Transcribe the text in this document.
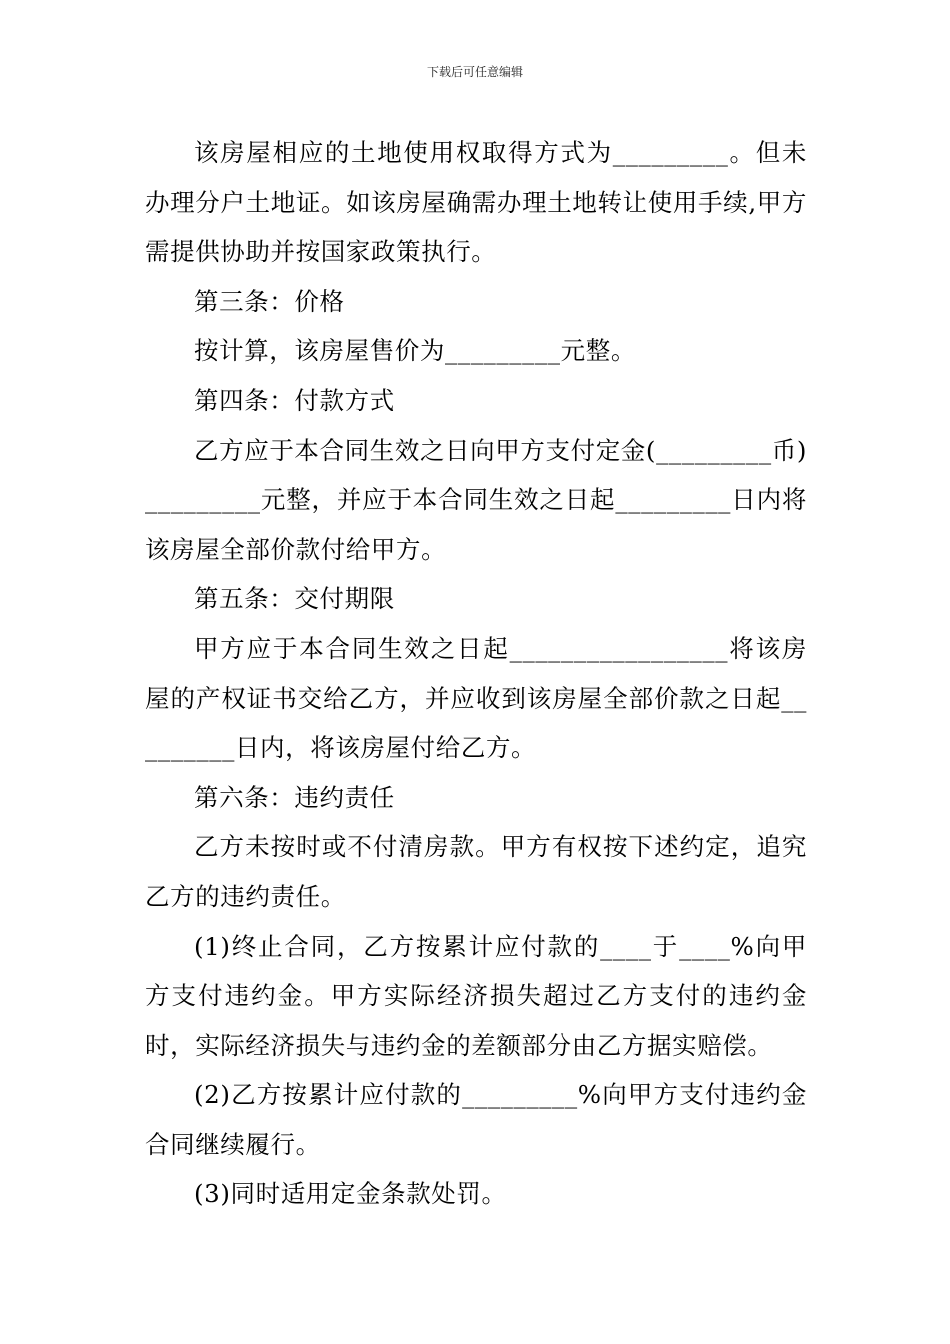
下载后可任意编辑

该房屋相应的土地使用权取得方式为_________。但未办理分户土地证。如该房屋确需办理土地转让使用手续,甲方需提供协助并按国家政策执行。

第三条：价格

按计算，该房屋售价为_________元整。

第四条：付款方式

乙方应于本合同生效之日向甲方支付定金(_________币)_________元整，并应于本合同生效之日起_________日内将该房屋全部价款付给甲方。

第五条：交付期限

甲方应于本合同生效之日起_________________将该房屋的产权证书交给乙方，并应收到该房屋全部价款之日起_________日内，将该房屋付给乙方。

第六条：违约责任

乙方未按时或不付清房款。甲方有权按下述约定，追究乙方的违约责任。

(1)终止合同，乙方按累计应付款的____于____%向甲方支付违约金。甲方实际经济损失超过乙方支付的违约金时，实际经济损失与违约金的差额部分由乙方据实赔偿。

(2)乙方按累计应付款的_________%向甲方支付违约金合同继续履行。

(3)同时适用定金条款处罚。
